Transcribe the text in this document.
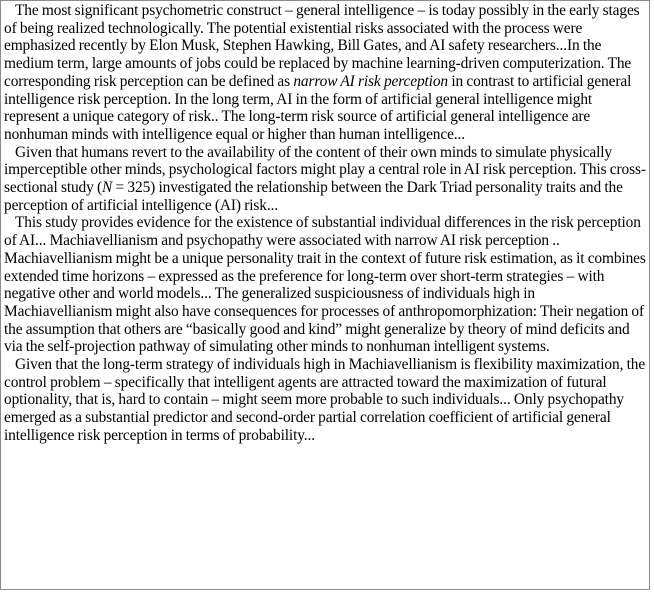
The most significant psychometric construct – general intelligence – is today possibly in the early stages of being realized technologically. The potential existential risks associated with the process were emphasized recently by Elon Musk, Stephen Hawking, Bill Gates, and AI safety researchers...In the medium term, large amounts of jobs could be replaced by machine learning-driven computerization. The corresponding risk perception can be defined as narrow AI risk perception in contrast to artificial general intelligence risk perception. In the long term, AI in the form of artificial general intelligence might represent a unique category of risk.. The long-term risk source of artificial general intelligence are nonhuman minds with intelligence equal or higher than human intelligence...

Given that humans revert to the availability of the content of their own minds to simulate physically imperceptible other minds, psychological factors might play a central role in AI risk perception. This cross-sectional study (N = 325) investigated the relationship between the Dark Triad personality traits and the perception of artificial intelligence (AI) risk...

This study provides evidence for the existence of substantial individual differences in the risk perception of AI... Machiavellianism and psychopathy were associated with narrow AI risk perception .. Machiavellianism might be a unique personality trait in the context of future risk estimation, as it combines extended time horizons – expressed as the preference for long-term over short-term strategies – with negative other and world models... The generalized suspiciousness of individuals high in Machiavellianism might also have consequences for processes of anthropomorphization: Their negation of the assumption that others are “basically good and kind” might generalize by theory of mind deficits and via the self-projection pathway of simulating other minds to nonhuman intelligent systems.

Given that the long-term strategy of individuals high in Machiavellianism is flexibility maximization, the control problem – specifically that intelligent agents are attracted toward the maximization of futural optionality, that is, hard to contain – might seem more probable to such individuals... Only psychopathy emerged as a substantial predictor and second-order partial correlation coefficient of artificial general intelligence risk perception in terms of probability...
